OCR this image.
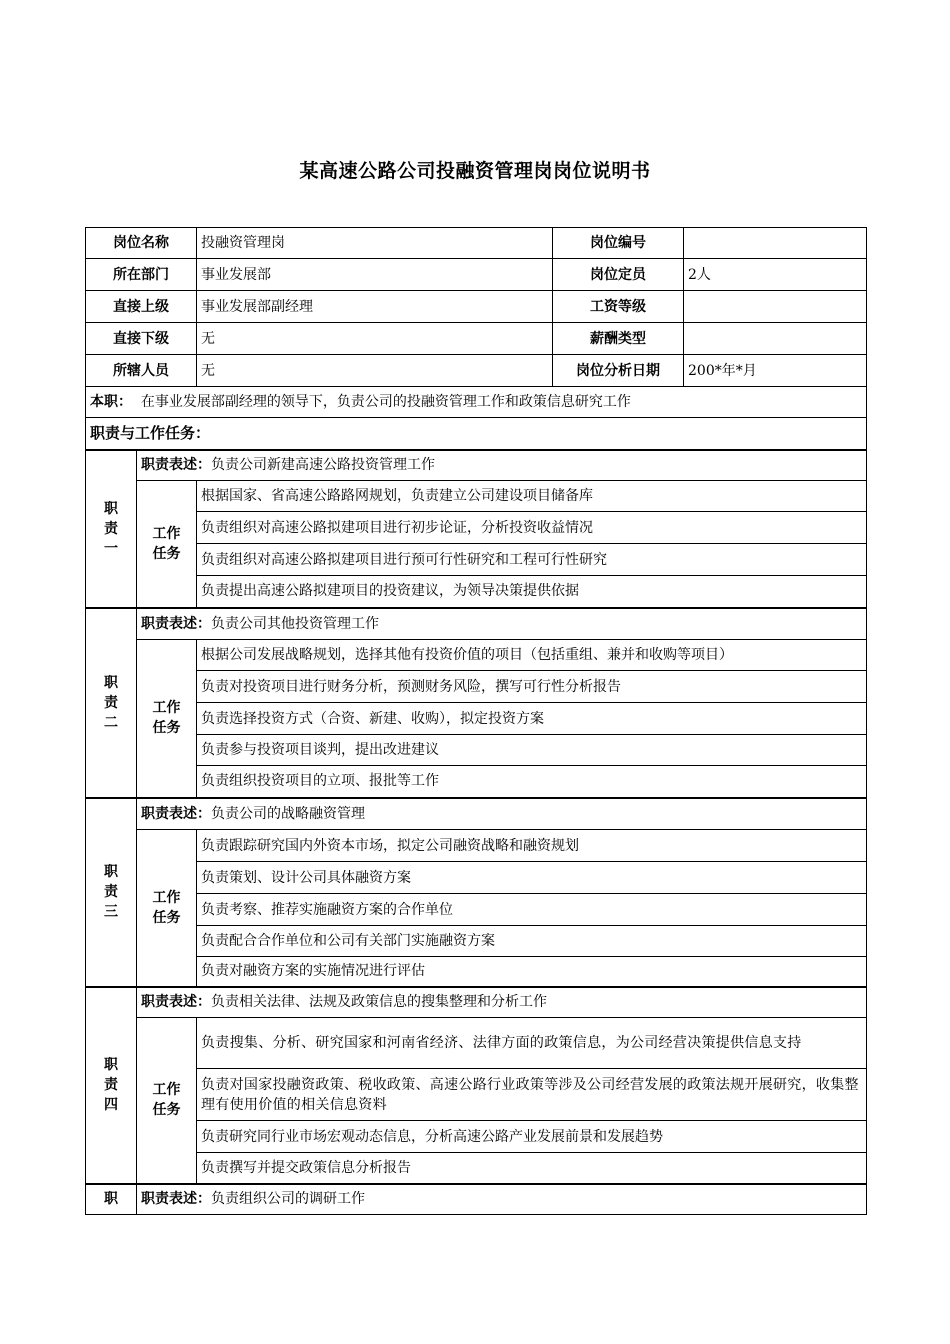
某高速公路公司投融资管理岗岗位说明书
岗位名称		投融资管理岗	岗位编号	
所在部门		事业发展部	岗位定员	2人
直接上级		事业发展部副经理	工资等级	
直接下级		无	薪酬类型	
所辖人员		无	岗位分析日期	200*年*月
本职： 在事业发展部副经理的领导下，负责公司的投融资管理工作和政策信息研究工作				
职责与工作任务：				

职
责
一	职责表述：负责公司新建高速公路投资管理工作			

	工作
任务	根据国家、省高速公路路网规划，负责建立公司建设项目储备库		
		负责组织对高速公路拟建项目进行初步论证，分析投资收益情况		
		负责组织对高速公路拟建项目进行预可行性研究和工程可行性研究		
		负责提出高速公路拟建项目的投资建议，为领导决策提供依据		

职
责
二	职责表述：负责公司其他投资管理工作			

	工作
任务	根据公司发展战略规划，选择其他有投资价值的项目（包括重组、兼并和收购等项目）		
		负责对投资项目进行财务分析，预测财务风险，撰写可行性分析报告		
		负责选择投资方式（合资、新建、收购），拟定投资方案		
		负责参与投资项目谈判，提出改进建议		
		负责组织投资项目的立项、报批等工作		

职
责
三	职责表述：负责公司的战略融资管理			

	工作
任务	负责跟踪研究国内外资本市场，拟定公司融资战略和融资规划		
		负责策划、设计公司具体融资方案		
		负责考察、推荐实施融资方案的合作单位		
		负责配合合作单位和公司有关部门实施融资方案		
		负责对融资方案的实施情况进行评估		

职
责
四	职责表述：负责相关法律、法规及政策信息的搜集整理和分析工作			

	工作
任务	负责搜集、分析、研究国家和河南省经济、法律方面的政策信息，为公司经营决策提供信息支持		
		负责对国家投融资政策、税收政策、高速公路行业政策等涉及公司经营发展的政策法规开展研究，收集整理有使用价值的相关信息资料		
		负责研究同行业市场宏观动态信息，分析高速公路产业发展前景和发展趋势		
		负责撰写并提交政策信息分析报告		

职	职责表述：负责组织公司的调研工作			
